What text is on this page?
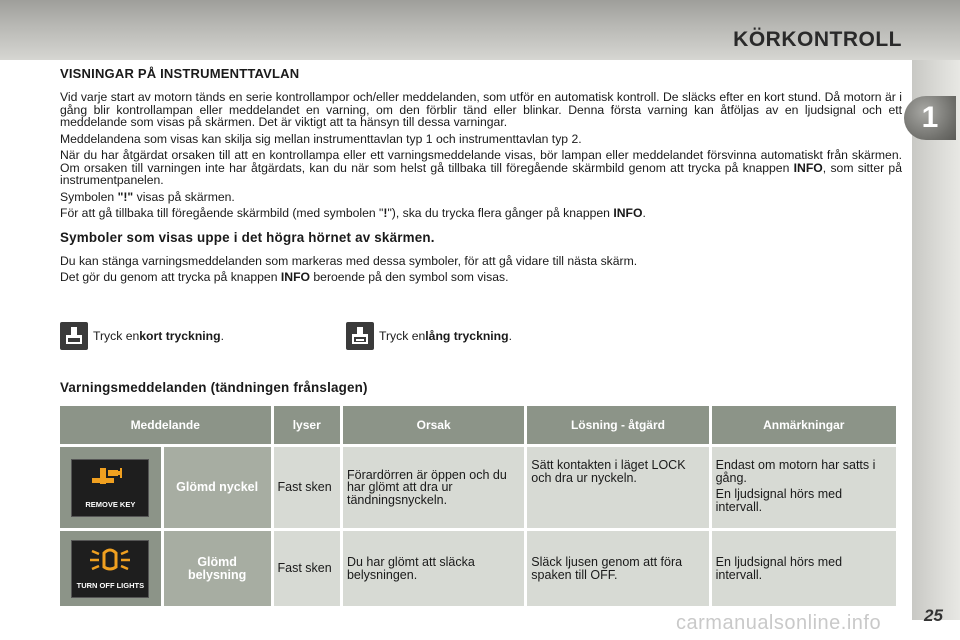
KÖRKONTROLL
1
VISNINGAR PÅ INSTRUMENTTAVLAN

Vid varje start av motorn tänds en serie kontrollampor och/eller meddelanden, som utför en automatisk kontroll. De släcks efter en kort stund. Då motorn är i gång blir kontrollampan eller meddelandet en varning, om den förblir tänd eller blinkar. Denna första varning kan åtföljas av en ljudsignal och ett meddelande som visas på skärmen. Det är viktigt att ta hänsyn till dessa varningar.

Meddelandena som visas kan skilja sig mellan instrumenttavlan typ 1 och instrumenttavlan typ 2.

När du har åtgärdat orsaken till att en kontrollampa eller ett varningsmeddelande visas, bör lampan eller meddelandet försvinna automatiskt från skärmen. Om orsaken till varningen inte har åtgärdats, kan du när som helst gå tillbaka till föregående skärmbild genom att trycka på knappen INFO, som sitter på instrumentpanelen.

Symbolen "!" visas på skärmen.

För att gå tillbaka till föregående skärmbild (med symbolen "!"), ska du trycka flera gånger på knappen INFO.

Symboler som visas uppe i det högra hörnet av skärmen.

Du kan stänga varningsmeddelanden som markeras med dessa symboler, för att gå vidare till nästa skärm.

Det gör du genom att trycka på knappen INFO beroende på den symbol som visas.

Tryck en kort tryckning .	Tryck en lång tryckning .
Varningsmeddelanden (tändningen frånslagen)
Meddelande		lyser	Orsak	Lösning - åtgärd	Anmärkningar

REMOVE KEY	Glömd nyckel	Fast sken	Förardörren är öppen och du har glömt att dra ur tändningsnyckeln.	Sätt kontakten i läget LOCK och dra ur nyckeln.	Endast om motorn har satts i gång.
En ljudsignal hörs med intervall.

TURN OFF LIGHTS	Glömd belysning	Fast sken	Du har glömt att släcka belysningen.	Släck ljusen genom att föra spaken till OFF.	En ljudsignal hörs med intervall.
carmanualsonline.info	25
